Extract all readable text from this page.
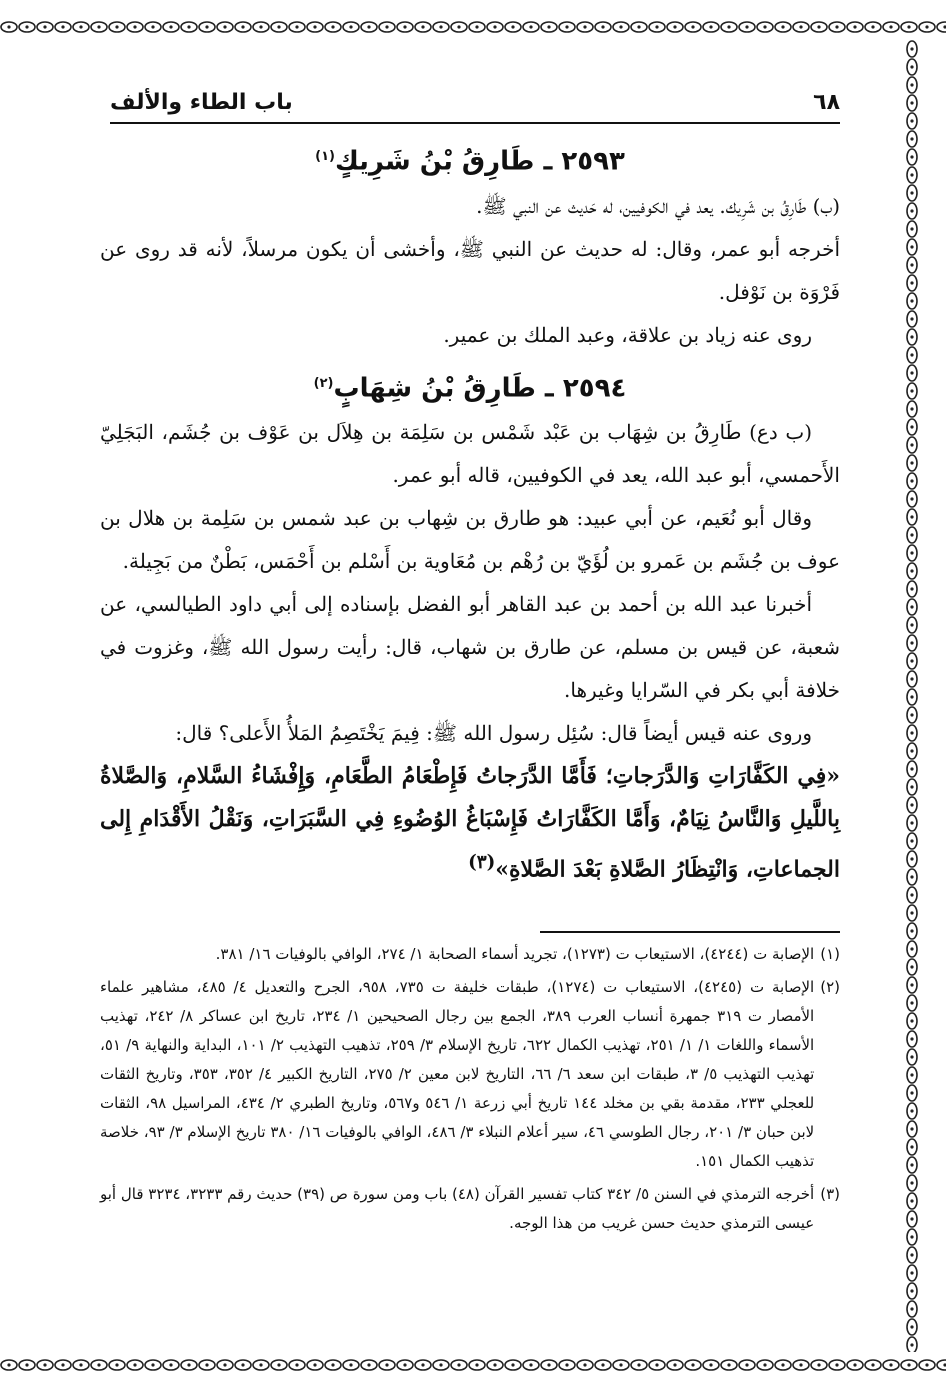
٦٨
باب الطاء والألف
٢٥٩٣ ـ طَارِقُ بْنُ شَرِيكٍ$^{(١)}$

(ب) طَارِقُ بن شَرِيك. يعد في الكوفيين، له حَديث عن النبي ﷺ.

أخرجه أبو عمر، وقال: له حديث عن النبي ﷺ، وأخشى أن يكون مرسلاً، لأنه قد روى عن فَرْوَة بن نَوْفل.

روى عنه زياد بن علاقة، وعبد الملك بن عمير.

٢٥٩٤ ـ طَارِقُ بْنُ شِهَابٍ$^{(٢)}$

(ب دع) طَارِقُ بن شِهَاب بن عَبْد شَمْس بن سَلِمَة بن هِلاَل بن عَوْف بن جُشَم، البَجَلِيّ الأَحمسي، أبو عبد الله، يعد في الكوفيين، قاله أبو عمر.

وقال أبو نُعَيم، عن أبي عبيد: هو طارق بن شِهاب بن عبد شمس بن سَلِمة بن هلال بن عوف بن جُشَم بن عَمرو بن لُؤَيّ بن رُهْم بن مُعَاوية بن أَسْلم بن أَحْمَس، بَطْنٌ من بَجِيلة.

أخبرنا عبد الله بن أحمد بن عبد القاهر أبو الفضل بإسناده إلى أبي داود الطيالسي، عن شعبة، عن قيس بن مسلم، عن طارق بن شهاب، قال: رأيت رسول الله ﷺ، وغزوت في خلافة أبي بكر في السّرايا وغيرها.

وروى عنه قيس أيضاً قال: سُئِل رسول الله ﷺ: فِيمَ يَخْتَصِمُ المَلأُ الأَعلى؟ قال:

«فِي الكَفَّارَاتِ وَالدَّرَجاتِ؛ فَأَمَّا الدَّرَجاتُ فَإِطْعَامُ الطَّعَامِ، وَإِفْشَاءُ السَّلامِ، وَالصَّلاةُ بِاللَّيلِ وَالنَّاسُ نِيَامٌ، وَأَمَّا الكَفَّارَاتُ فَإِسْبَاغُ الوُضُوءِ فِي السَّبَرَاتِ، وَنَقْلُ الأَقْدَامِ إِلى الجماعاتِ، وَانْتِظَارُ الصَّلاةِ بَعْدَ الصَّلاةِ»$^{(٣)}$

(١)
الإصابة ت (٤٢٤٤)، الاستيعاب ت (١٢٧٣)، تجريد أسماء الصحابة ١/ ٢٧٤، الوافي بالوفيات ١٦/ ٣٨١.
(٢)
الإصابة ت (٤٢٤٥)، الاستيعاب ت (١٢٧٤)، طبقات خليفة ت ٧٣٥، ٩٥٨، الجرح والتعديل ٤/ ٤٨٥، مشاهير علماء الأمصار ت ٣١٩ جمهرة أنساب العرب ٣٨٩، الجمع بين رجال الصحيحين ١/ ٢٣٤، تاريخ ابن عساكر ٨/ ٢٤٢، تهذيب الأسماء واللغات ١/ ١/ ٢٥١، تهذيب الكمال ٦٢٢، تاريخ الإسلام ٣/ ٢٥٩، تذهيب التهذيب ٢/ ١٠١، البداية والنهاية ٩/ ٥١، تهذيب التهذيب ٥/ ٣، طبقات ابن سعد ٦/ ٦٦، التاريخ لابن معين ٢/ ٢٧٥، التاريخ الكبير ٤/ ٣٥٢، ٣٥٣، وتاريخ الثقات للعجلي ٢٣٣، مقدمة بقي بن مخلد ١٤٤ تاريخ أبي زرعة ١/ ٥٤٦ و٥٦٧، وتاريخ الطبري ٢/ ٤٣٤، المراسيل ٩٨، الثقات لابن حبان ٣/ ٢٠١، رجال الطوسي ٤٦، سير أعلام النبلاء ٣/ ٤٨٦، الوافي بالوفيات ١٦/ ٣٨٠ تاريخ الإسلام ٣/ ٩٣، خلاصة تذهيب الكمال ١٥١.
(٣)
أخرجه الترمذي في السنن ٥/ ٣٤٢ كتاب تفسير القرآن (٤٨) باب ومن سورة ص (٣٩) حديث رقم ٣٢٣٣، ٣٢٣٤ قال أبو عيسى الترمذي حديث حسن غريب من هذا الوجه.
